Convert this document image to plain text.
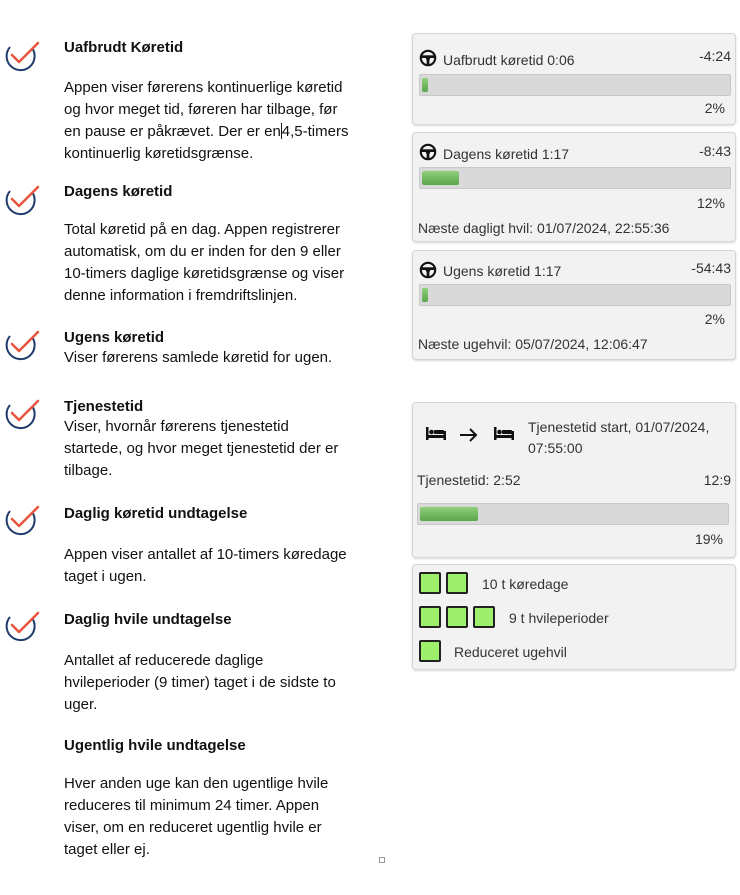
Uafbrudt Køretid
Appen viser førerens kontinuerlige køretid
og hvor meget tid, føreren har tilbage, før
en pause er påkrævet. Der er en4,5-timers
kontinuerlig køretidsgrænse.
Dagens køretid
Total køretid på en dag. Appen registrerer
automatisk, om du er inden for den 9 eller
10-timers daglige køretidsgrænse og viser
denne information i fremdriftslinjen.
Ugens køretid
Viser førerens samlede køretid for ugen.
Tjenestetid
Viser, hvornår førerens tjenestetid
startede, og hvor meget tjenestetid der er
tilbage.
Daglig køretid undtagelse
Appen viser antallet af 10-timers køredage
taget i ugen.
Daglig hvile undtagelse
Antallet af reducerede daglige
hvileperioder (9 timer) taget i de sidste to
uger.
Ugentlig hvile undtagelse
Hver anden uge kan den ugentlige hvile
reduceres til minimum 24 timer. Appen
viser, om en reduceret ugentlig hvile er
taget eller ej.
Uafbrudt køretid 0:06	-4:24
2%
Dagens køretid 1:17	-8:43
12%
Næste dagligt hvil: 01/07/2024, 22:55:36
Ugens køretid 1:17	-54:43
2%
Næste ugehvil: 05/07/2024, 12:06:47
Tjenestetid start, 01/07/2024,
07:55:00
Tjenestetid: 2:52	12:9
19%
10 t køredage
9 t hvileperioder
Reduceret ugehvil
